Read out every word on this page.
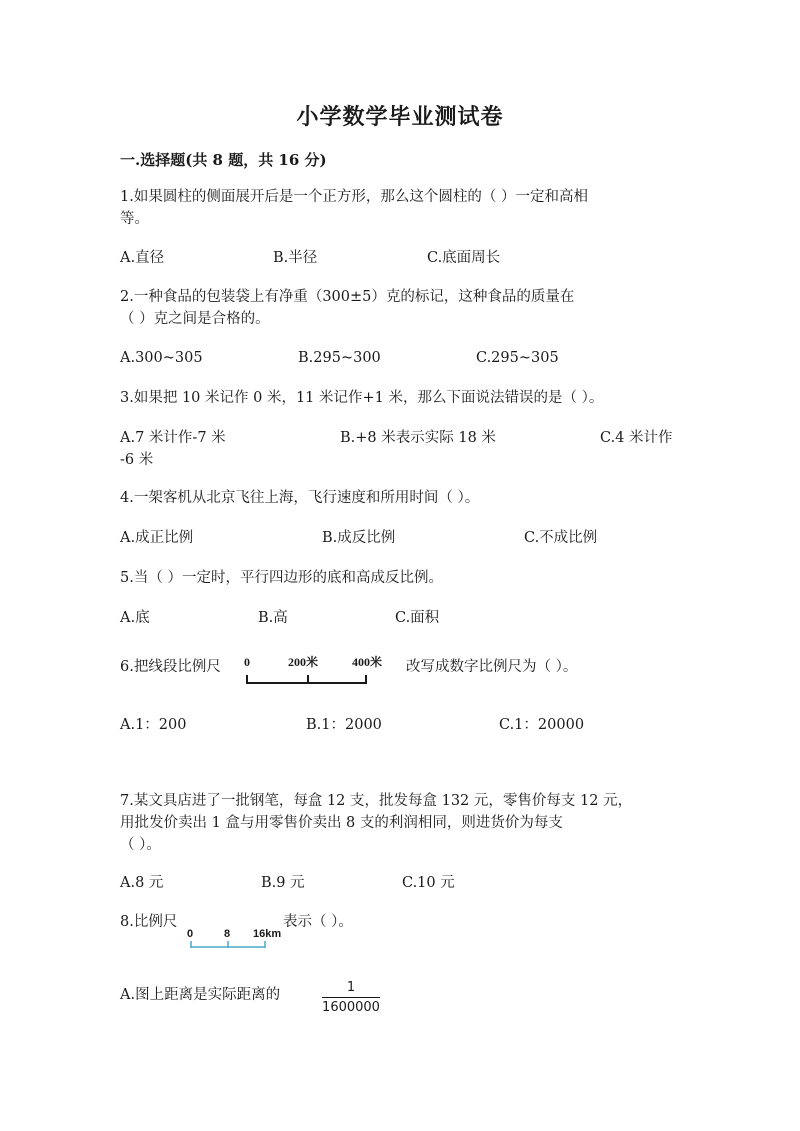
小学数学毕业测试卷
一.选择题(共 8 题，共 16 分)
1.如果圆柱的侧面展开后是一个正方形，那么这个圆柱的（ ）一定和高相
等。
A.直径	B.半径	C.底面周长
2.一种食品的包装袋上有净重（300±5）克的标记，这种食品的质量在
（ ）克之间是合格的。
A.300~305	B.295~300	C.295~305
3.如果把 10 米记作 0 米，11 米记作+1 米，那么下面说法错误的是（ ）。
A.7 米计作-7 米	B.+8 米表示实际 18 米	C.4 米计作
-6 米
4.一架客机从北京飞往上海，飞行速度和所用时间（ ）。
A.成正比例	B.成反比例	C.不成比例
5.当（ ）一定时，平行四边形的底和高成反比例。
A.底	B.高	C.面积
6.把线段比例尺 0	200米	400米 改写成数字比例尺为（ ）。
A.1：200	B.1：2000	C.1：20000
7.某文具店进了一批钢笔，每盒 12 支，批发每盒 132 元，零售价每支 12 元，
用批发价卖出 1 盒与用零售价卖出 8 支的利润相同，则进货价为每支
（ ）。
A.8 元	B.9 元	C.10 元
8.比例尺
0	8 16km
表示（ ）。
A.图上距离是实际距离的	1
1600000
